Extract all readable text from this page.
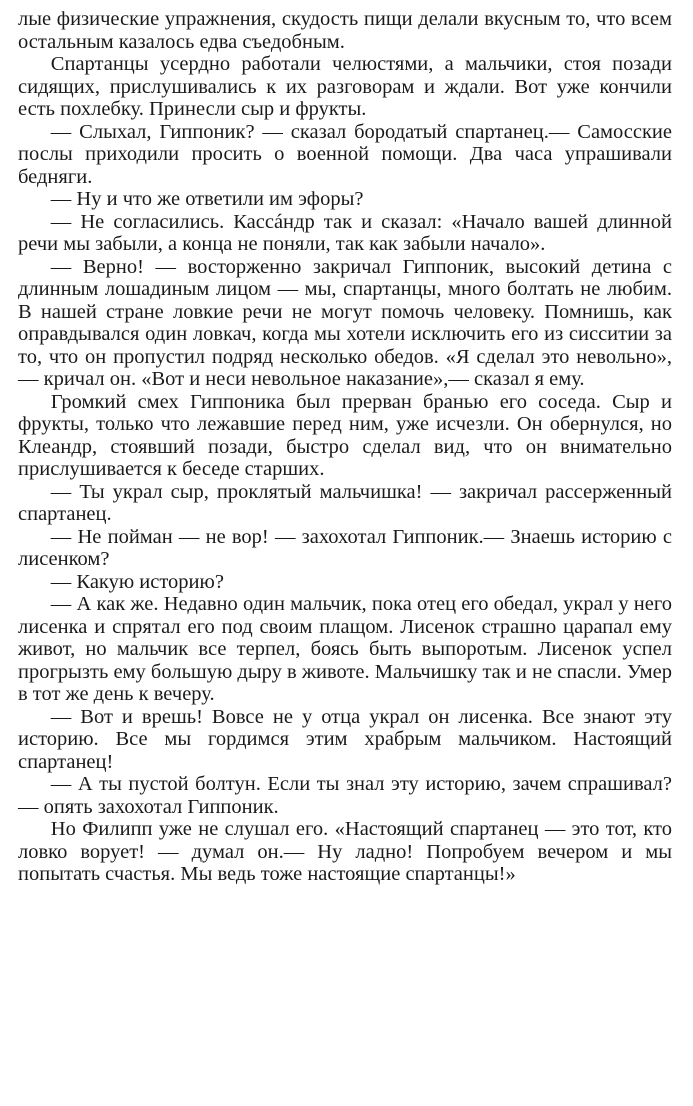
лые физические упражнения, скудость пищи делали вкусным то, что всем остальным казалось едва съедобным.

Спартанцы усердно работали челюстями, а мальчики, стоя позади сидящих, прислушивались к их разговорам и ждали. Вот уже кончили есть похлебку. Принесли сыр и фрукты.

— Слыхал, Гиппоник? — сказал бородатый спартанец.— Самосские послы приходили просить о военной помощи. Два часа упрашивали бедняги.

— Ну и что же ответили им эфоры?

— Не согласились. Кассáндр так и сказал: «Начало вашей длинной речи мы забыли, а конца не поняли, так как забыли начало».

— Верно! — восторженно закричал Гиппоник, высокий детина с длинным лошадиным лицом — мы, спартанцы, много болтать не любим. В нашей стране ловкие речи не могут помочь человеку. Помнишь, как оправдывался один ловкач, когда мы хотели исключить его из сисситии за то, что он пропустил подряд несколько обедов. «Я сделал это невольно»,— кричал он. «Вот и неси невольное наказание»,— сказал я ему.

Громкий смех Гиппоника был прерван бранью его соседа. Сыр и фрукты, только что лежавшие перед ним, уже исчезли. Он обернулся, но Клеандр, стоявший позади, быстро сделал вид, что он внимательно прислушивается к беседе старших.

— Ты украл сыр, проклятый мальчишка! — закричал рассерженный спартанец.

— Не пойман — не вор! — захохотал Гиппоник.— Знаешь историю с лисенком?

— Какую историю?

— А как же. Недавно один мальчик, пока отец его обедал, украл у него лисенка и спрятал его под своим плащом. Лисенок страшно царапал ему живот, но мальчик все терпел, боясь быть выпоротым. Лисенок успел прогрызть ему большую дыру в животе. Мальчишку так и не спасли. Умер в тот же день к вечеру.

— Вот и врешь! Вовсе не у отца украл он лисенка. Все знают эту историю. Все мы гордимся этим храбрым мальчиком. Настоящий спартанец!

— А ты пустой болтун. Если ты знал эту историю, зачем спрашивал? — опять захохотал Гиппоник.

Но Филипп уже не слушал его. «Настоящий спартанец — это тот, кто ловко ворует! — думал он.— Ну ладно! Попробуем вечером и мы попытать счастья. Мы ведь тоже настоящие спартанцы!»
